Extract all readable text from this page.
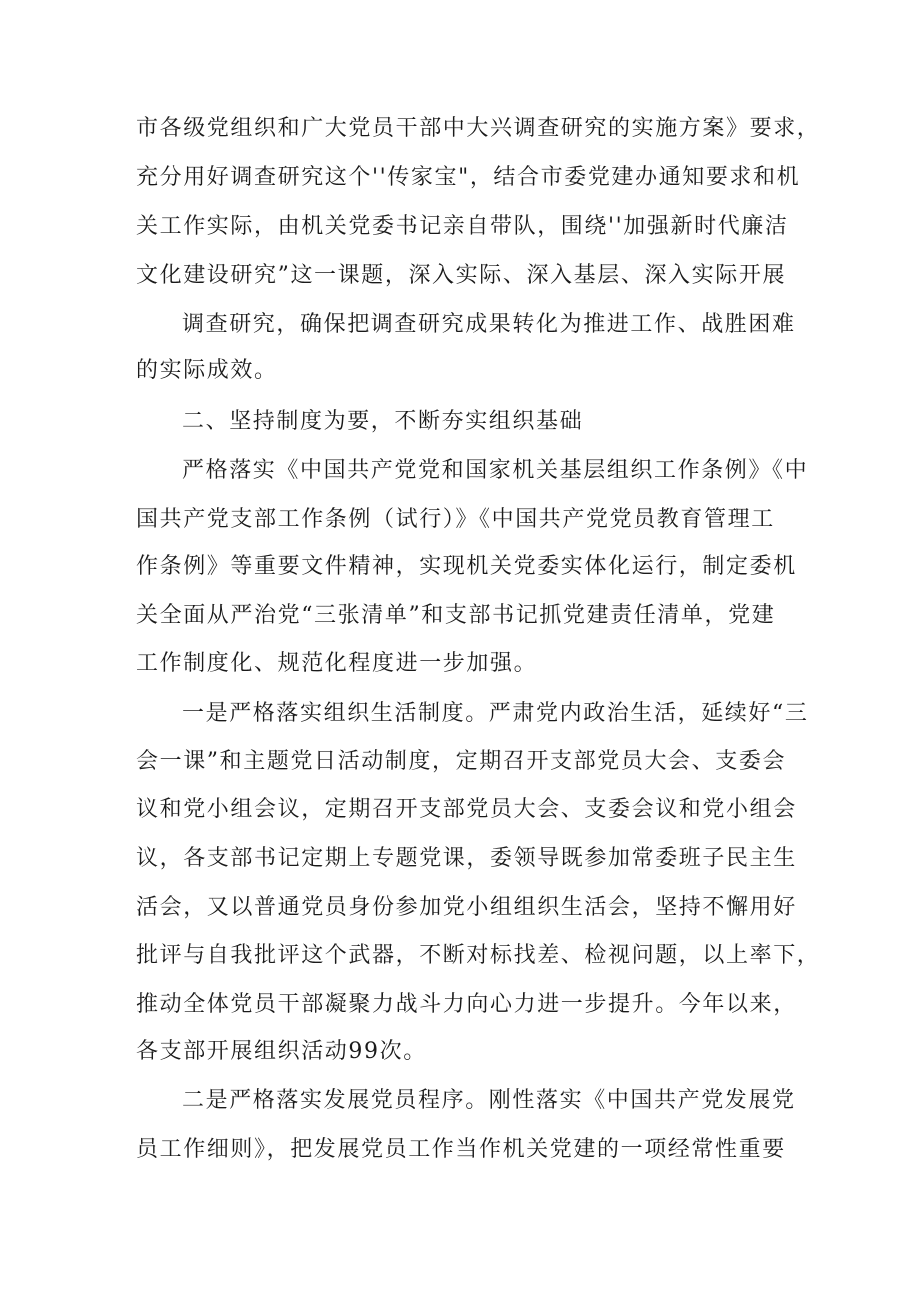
市各级党组织和广大党员干部中大兴调查研究的实施方案》要求，
充分用好调查研究这个''传家宝"，结合市委党建办通知要求和机
关工作实际，由机关党委书记亲自带队，围绕''加强新时代廉洁
文化建设研究”这一课题，深入实际、深入基层、深入实际开展
调查研究，确保把调查研究成果转化为推进工作、战胜困难
的实际成效。
二、坚持制度为要，不断夯实组织基础
严格落实《中国共产党党和国家机关基层组织工作条例》《中
国共产党支部工作条例（试行）》《中国共产党党员教育管理工
作条例》等重要文件精神，实现机关党委实体化运行，制定委机
关全面从严治党“三张清单”和支部书记抓党建责任清单，党建
工作制度化、规范化程度进一步加强。
一是严格落实组织生活制度。严肃党内政治生活，延续好“三
会一课”和主题党日活动制度，定期召开支部党员大会、支委会
议和党小组会议，定期召开支部党员大会、支委会议和党小组会
议，各支部书记定期上专题党课，委领导既参加常委班子民主生
活会，又以普通党员身份参加党小组组织生活会，坚持不懈用好
批评与自我批评这个武器，不断对标找差、检视问题，以上率下，
推动全体党员干部凝聚力战斗力向心力进一步提升。今年以来，
各支部开展组织活动99次。
二是严格落实发展党员程序。刚性落实《中国共产党发展党
员工作细则》，把发展党员工作当作机关党建的一项经常性重要
